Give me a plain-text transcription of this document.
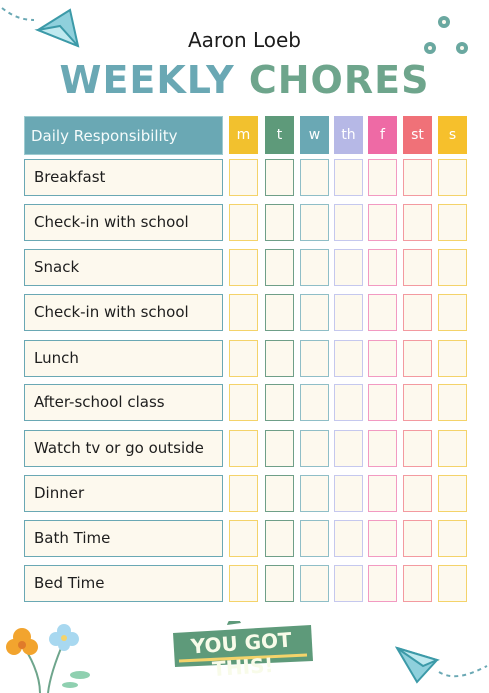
Aaron Loeb
WEEKLY CHORES
Daily Responsibility	m	t	w	th	f	st	s
Breakfast
Check-in with school
Snack
Check-in with school
Lunch
After-school class
Watch tv or go outside
Dinner
Bath Time
Bed Time
YOU GOT THIS!
